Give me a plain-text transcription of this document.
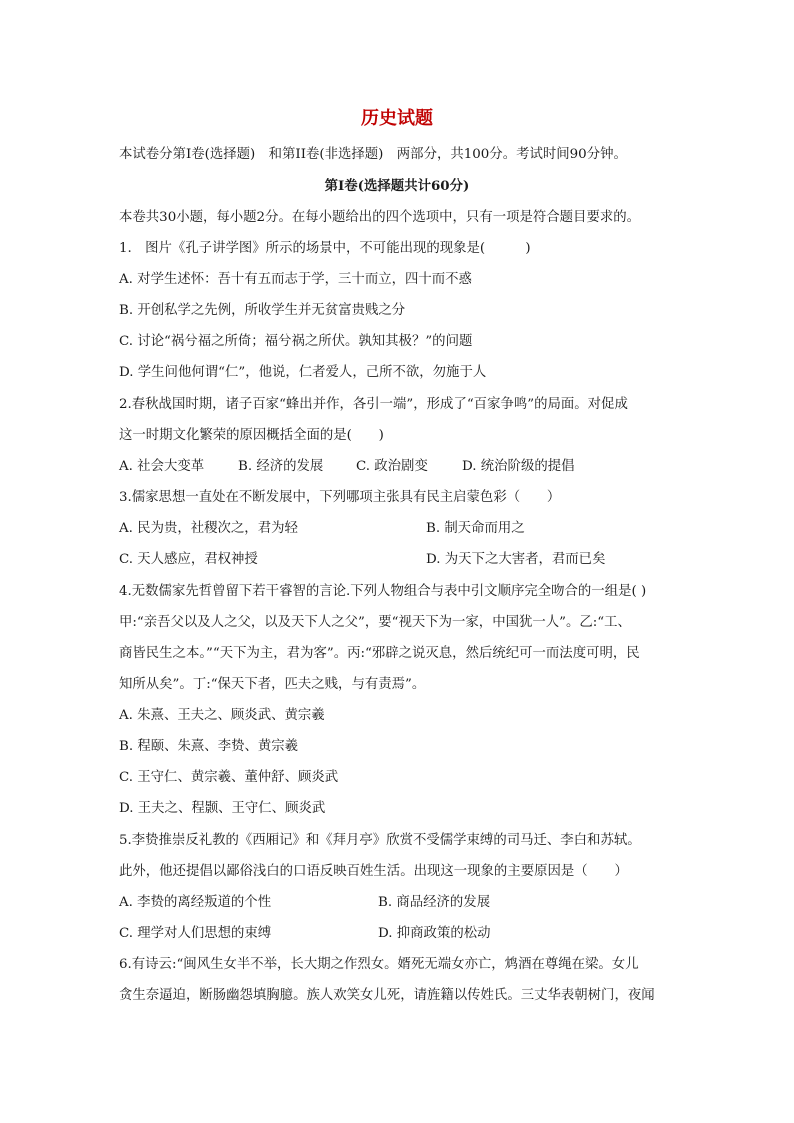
历史试题
本试卷分第Ⅰ卷(选择题)　和第II卷(非选择题)　两部分，共100分。考试时间90分钟。
第Ⅰ卷(选择题共计60分)
本卷共30小题，每小题2分。在每小题给出的四个选项中，只有一项是符合题目要求的。
1.　图片《孔子讲学图》所示的场景中，不可能出现的现象是(　　　)
A. 对学生述怀：吾十有五而志于学，三十而立，四十而不惑
B. 开创私学之先例，所收学生并无贫富贵贱之分
C. 讨论“祸兮福之所倚；福兮祸之所伏。孰知其极？”的问题
D. 学生问他何谓“仁”，他说，仁者爱人，己所不欲，勿施于人
2.春秋战国时期，诸子百家“蜂出并作，各引一端”，形成了“百家争鸣”的局面。对促成
这一时期文化繁荣的原因概括全面的是(　　)
A. 社会大变革	B. 经济的发展 C. 政治剧变	D. 统治阶级的提倡
3.儒家思想一直处在不断发展中，下列哪项主张具有民主启蒙色彩（　　）
A. 民为贵，社稷次之，君为轻	B. 制天命而用之
C. 天人感应，君权神授	D. 为天下之大害者，君而已矣
4.无数儒家先哲曾留下若干睿智的言论.下列人物组合与表中引文顺序完全吻合的一组是( )
甲:“亲吾父以及人之父，以及天下人之父”，要“视天下为一家，中国犹一人”。乙:“工、
商皆民生之本。”“天下为主，君为客”。丙:“邪辟之说灭息，然后统纪可一而法度可明，民
知所从矣”。丁:“保天下者，匹夫之贱，与有责焉”。
A. 朱熹、王夫之、顾炎武、黄宗羲
B. 程颐、朱熹、李贽、黄宗羲
C. 王守仁、黄宗羲、董仲舒、顾炎武
D. 王夫之、程颢、王守仁、顾炎武
5.李贽推崇反礼教的《西厢记》和《拜月亭》欣赏不受儒学束缚的司马迁、李白和苏轼。
此外，他还提倡以鄙俗浅白的口语反映百姓生活。出现这一现象的主要原因是（　　）
A. 李贽的离经叛道的个性	B. 商品经济的发展
C. 理学对人们思想的束缚	D. 抑商政策的松动
6.有诗云:“闽风生女半不举，长大期之作烈女。婿死无端女亦亡，鸩酒在尊绳在梁。女儿
贪生奈逼迫，断肠幽怨填胸臆。族人欢笑女儿死，请旌籍以传姓氏。三丈华表朝树门，夜闻
